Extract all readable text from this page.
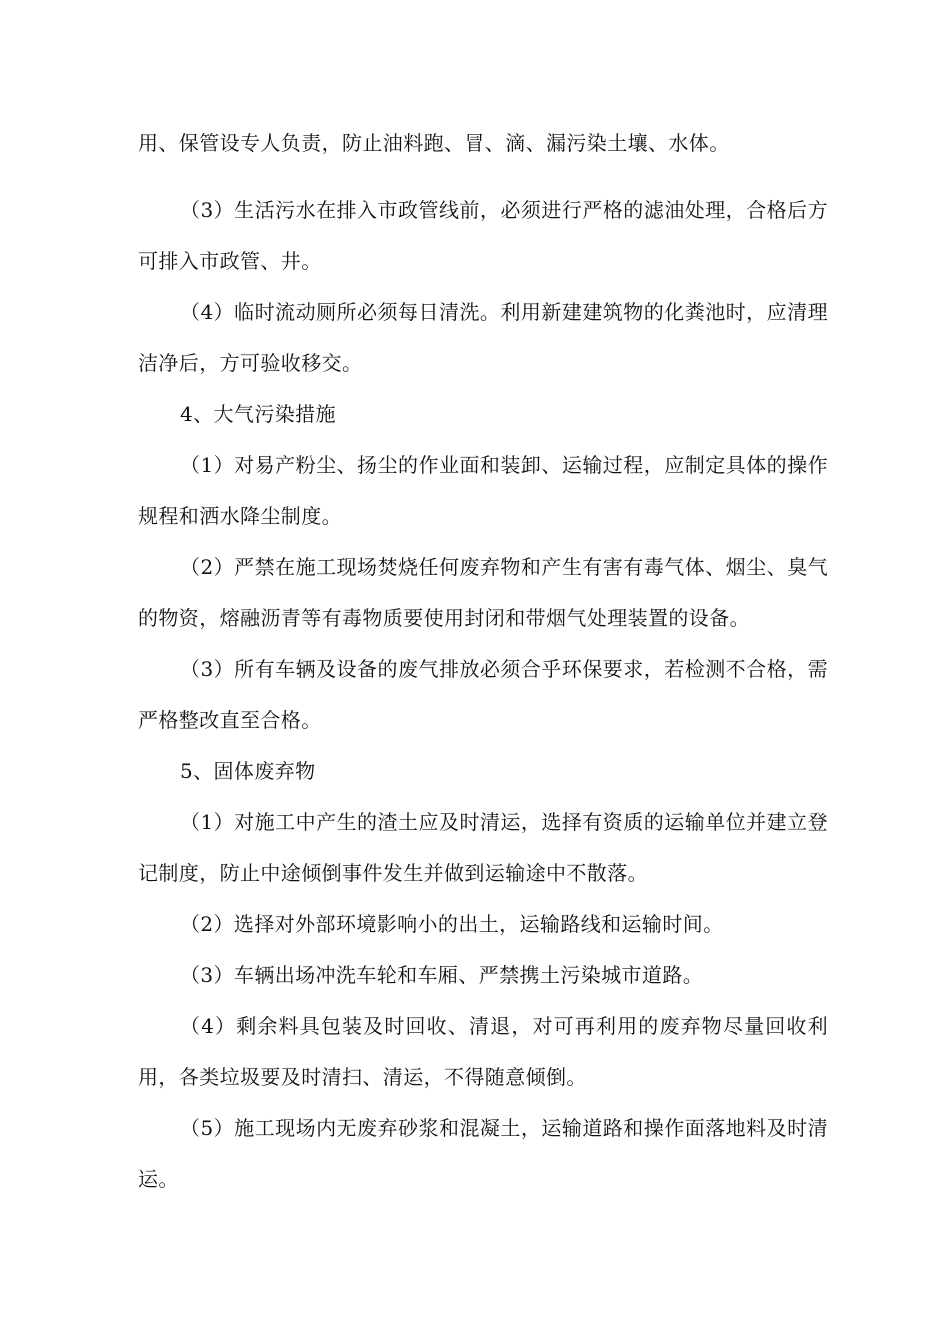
用、保管设专人负责，防止油料跑、冒、滴、漏污染土壤、水体。

（3）生活污水在排入市政管线前，必须进行严格的滤油处理，合格后方可排入市政管、井。

（4）临时流动厕所必须每日清洗。利用新建建筑物的化粪池时，应清理洁净后，方可验收移交。

4、大气污染措施

（1）对易产粉尘、扬尘的作业面和装卸、运输过程，应制定具体的操作规程和洒水降尘制度。

（2）严禁在施工现场焚烧任何废弃物和产生有害有毒气体、烟尘、臭气的物资，熔融沥青等有毒物质要使用封闭和带烟气处理装置的设备。

（3）所有车辆及设备的废气排放必须合乎环保要求，若检测不合格，需严格整改直至合格。

5、固体废弃物

（1）对施工中产生的渣土应及时清运，选择有资质的运输单位并建立登记制度，防止中途倾倒事件发生并做到运输途中不散落。

（2）选择对外部环境影响小的出土，运输路线和运输时间。

（3）车辆出场冲洗车轮和车厢、严禁携土污染城市道路。

（4）剩余料具包装及时回收、清退，对可再利用的废弃物尽量回收利用，各类垃圾要及时清扫、清运，不得随意倾倒。

（5）施工现场内无废弃砂浆和混凝土，运输道路和操作面落地料及时清运。
